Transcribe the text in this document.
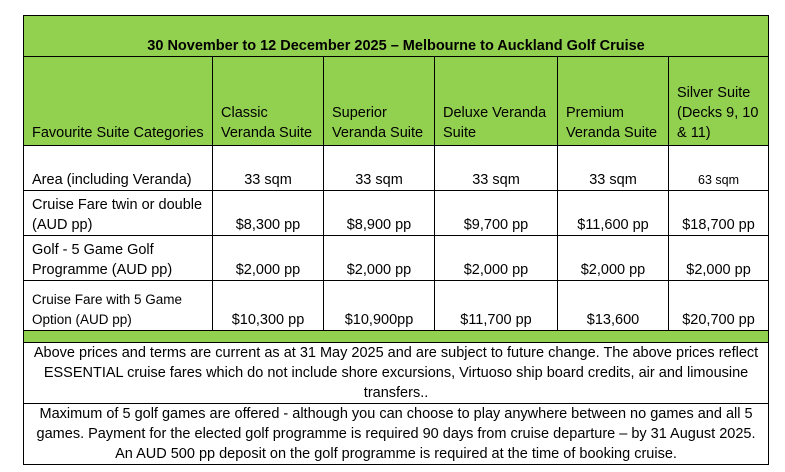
30 November to 12 December 2025 – Melbourne to Auckland Golf Cruise					
Favourite Suite Categories	Classic Veranda Suite	Superior Veranda Suite	Deluxe Veranda Suite	Premium Veranda Suite	Silver Suite (Decks 9, 10 & 11)
Area (including Veranda)	33 sqm	33 sqm	33 sqm	33 sqm	63 sqm
Cruise Fare twin or double (AUD pp)	$8,300 pp	$8,900 pp	$9,700 pp	$11,600 pp	$18,700 pp
Golf - 5 Game Golf Programme (AUD pp)	$2,000 pp	$2,000 pp	$2,000 pp	$2,000 pp	$2,000 pp
Cruise Fare with 5 Game Option (AUD pp)	$10,300 pp	$10,900pp	$11,700 pp	$13,600	$20,700 pp

Above prices and terms are current as at 31 May 2025 and are subject to future change. The above prices reflect ESSENTIAL cruise fares which do not include shore excursions, Virtuoso ship board credits, air and limousine transfers..					
Maximum of 5 golf games are offered - although you can choose to play anywhere between no games and all 5 games. Payment for the elected golf programme is required 90 days from cruise departure – by 31 August 2025. An AUD 500 pp deposit on the golf programme is required at the time of booking cruise.					
